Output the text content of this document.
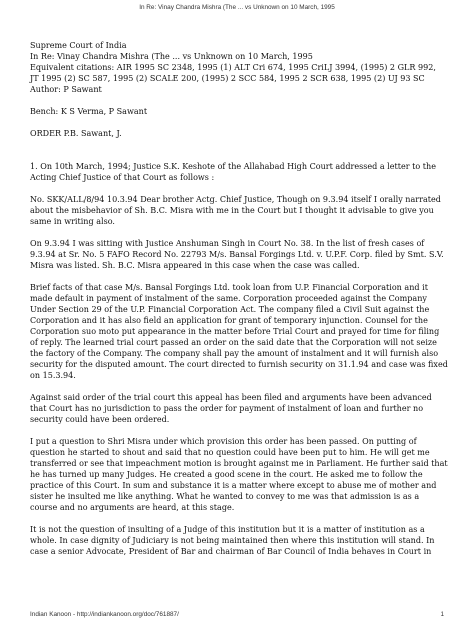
In Re: Vinay Chandra Mishra (The ... vs Unknown on 10 March, 1995
Supreme Court of India
In Re: Vinay Chandra Mishra (The ... vs Unknown on 10 March, 1995
Equivalent citations: AIR 1995 SC 2348, 1995 (1) ALT Cri 674, 1995 CriLJ 3994, (1995) 2 GLR 992,
JT 1995 (2) SC 587, 1995 (2) SCALE 200, (1995) 2 SCC 584, 1995 2 SCR 638, 1995 (2) UJ 93 SC
Author: P Sawant
Bench: K S Verma, P Sawant
ORDER P.B. Sawant, J.

1. On 10th March, 1994; Justice S.K. Keshote of the Allahabad High Court addressed a letter to the Acting Chief Justice of that Court as follows :

No. SKK/ALL/8/94 10.3.94 Dear brother Actg. Chief Justice, Though on 9.3.94 itself I orally narrated about the misbehavior of Sh. B.C. Misra with me in the Court but I thought it advisable to give you same in writing also.

On 9.3.94 I was sitting with Justice Anshuman Singh in Court No. 38. In the list of fresh cases of 9.3.94 at Sr. No. 5 FAFO Record No. 22793 M/s. Bansal Forgings Ltd. v. U.P.F. Corp. filed by Smt. S.V. Misra was listed. Sh. B.C. Misra appeared in this case when the case was called.

Brief facts of that case M/s. Bansal Forgings Ltd. took loan from U.P. Financial Corporation and it made default in payment of instalment of the same. Corporation proceeded against the Company Under Section 29 of the U.P. Financial Corporation Act. The company filed a Civil Suit against the Corporation and it has also field an application for grant of temporary injunction. Counsel for the Corporation suo moto put appearance in the matter before Trial Court and prayed for time for filing of reply. The learned trial court passed an order on the said date that the Corporation will not seize the factory of the Company. The company shall pay the amount of instalment and it will furnish also security for the disputed amount. The court directed to furnish security on 31.1.94 and case was fixed on 15.3.94.

Against said order of the trial court this appeal has been filed and arguments have been advanced that Court has no jurisdiction to pass the order for payment of instalment of loan and further no security could have been ordered.

I put a question to Shri Misra under which provision this order has been passed. On putting of question he started to shout and said that no question could have been put to him. He will get me transferred or see that impeachment motion is brought against me in Parliament. He further said that he has turned up many Judges. He created a good scene in the court. He asked me to follow the practice of this Court. In sum and substance it is a matter where except to abuse me of mother and sister he insulted me like anything. What he wanted to convey to me was that admission is as a course and no arguments are heard, at this stage.

It is not the question of insulting of a Judge of this institution but it is a matter of institution as a whole. In case dignity of Judiciary is not being maintained then where this institution will stand. In case a senior Advocate, President of Bar and chairman of Bar Council of India behaves in Court in

Indian Kanoon - http://indiankanoon.org/doc/761887/	1
